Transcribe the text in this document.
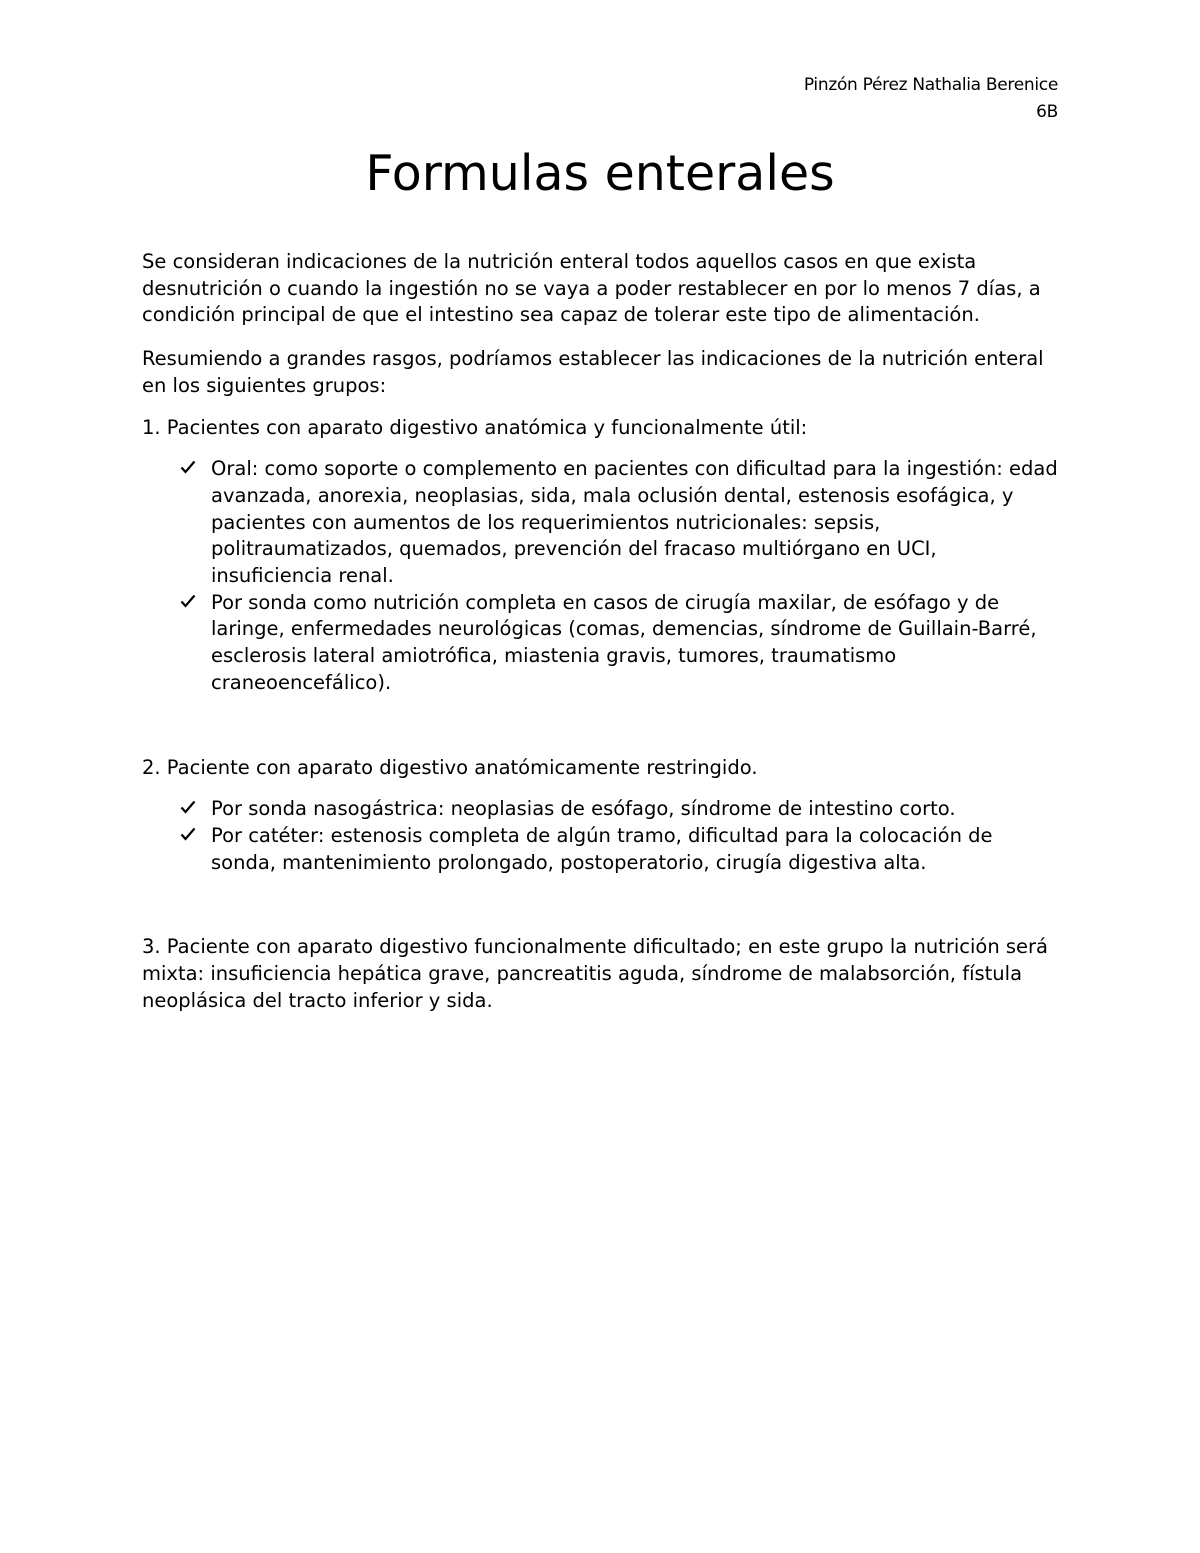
Pinzón Pérez Nathalia Berenice
6B
Formulas enterales

Se consideran indicaciones de la nutrición enteral todos aquellos casos en que exista desnutrición o cuando la ingestión no se vaya a poder restablecer en por lo menos 7 días, a condición principal de que el intestino sea capaz de tolerar este tipo de alimentación.

Resumiendo a grandes rasgos, podríamos establecer las indicaciones de la nutrición enteral en los siguientes grupos:

1. Pacientes con aparato digestivo anatómica y funcionalmente útil:

Oral: como soporte o complemento en pacientes con dificultad para la ingestión: edad avanzada, anorexia, neoplasias, sida, mala oclusión dental, estenosis esofágica, y pacientes con aumentos de los requerimientos nutricionales: sepsis, politraumatizados, quemados, prevención del fracaso multiórgano en UCI, insuficiencia renal.
Por sonda como nutrición completa en casos de cirugía maxilar, de esófago y de laringe, enfermedades neurológicas (comas, demencias, síndrome de Guillain-Barré, esclerosis lateral amiotrófica, miastenia gravis, tumores, traumatismo craneoencefálico).

2. Paciente con aparato digestivo anatómicamente restringido.

Por sonda nasogástrica: neoplasias de esófago, síndrome de intestino corto.
Por catéter: estenosis completa de algún tramo, dificultad para la colocación de sonda, mantenimiento prolongado, postoperatorio, cirugía digestiva alta.

3. Paciente con aparato digestivo funcionalmente dificultado; en este grupo la nutrición será mixta: insuficiencia hepática grave, pancreatitis aguda, síndrome de malabsorción, fístula neoplásica del tracto inferior y sida.
